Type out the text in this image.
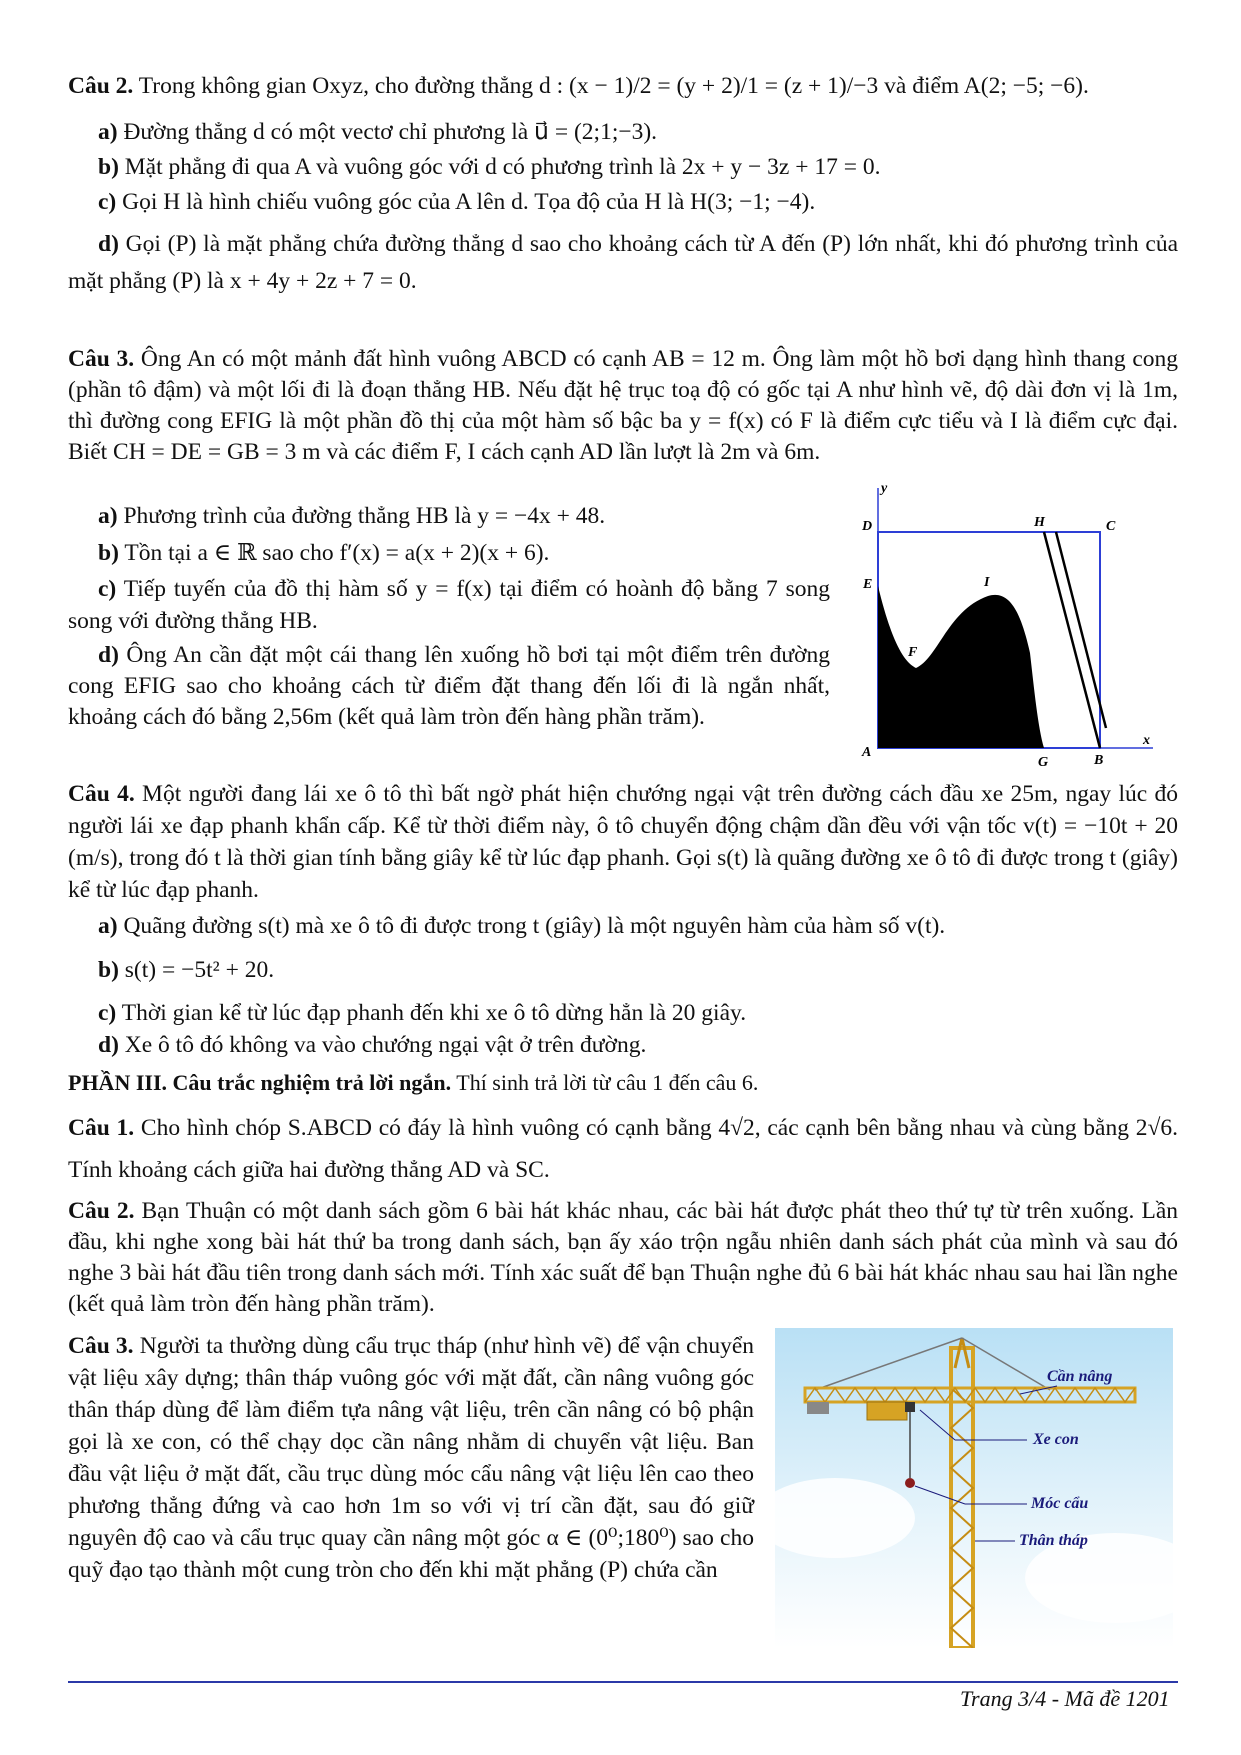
Câu 2. Trong không gian Oxyz, cho đường thẳng d : (x − 1)/2 = (y + 2)/1 = (z + 1)/−3 và điểm A(2; −5; −6).
a) Đường thẳng d có một vectơ chỉ phương là u⃗ = (2;1;−3).
b) Mặt phẳng đi qua A và vuông góc với d có phương trình là 2x + y − 3z + 17 = 0.
c) Gọi H là hình chiếu vuông góc của A lên d. Tọa độ của H là H(3; −1; −4).
d) Gọi (P) là mặt phẳng chứa đường thẳng d sao cho khoảng cách từ A đến (P) lớn nhất, khi đó phương trình của mặt phẳng (P) là x + 4y + 2z + 7 = 0.
Câu 3. Ông An có một mảnh đất hình vuông ABCD có cạnh AB = 12 m. Ông làm một hồ bơi dạng hình thang cong (phần tô đậm) và một lối đi là đoạn thẳng HB. Nếu đặt hệ trục toạ độ có gốc tại A như hình vẽ, độ dài đơn vị là 1m, thì đường cong EFIG là một phần đồ thị của một hàm số bậc ba y = f(x) có F là điểm cực tiểu và I là điểm cực đại. Biết CH = DE = GB = 3 m và các điểm F, I cách cạnh AD lần lượt là 2m và 6m.
a) Phương trình của đường thẳng HB là y = −4x + 48.
b) Tồn tại a ∈ ℝ sao cho f′(x) = a(x + 2)(x + 6).
c) Tiếp tuyến của đồ thị hàm số y = f(x) tại điểm có hoành độ bằng 7 song song với đường thẳng HB.
d) Ông An cần đặt một cái thang lên xuống hồ bơi tại một điểm trên đường cong EFIG sao cho khoảng cách từ điểm đặt thang đến lối đi là ngắn nhất, khoảng cách đó bằng 2,56m (kết quả làm tròn đến hàng phần trăm).
y
x
D	H	C
E	I
F
A
G	B
Câu 4. Một người đang lái xe ô tô thì bất ngờ phát hiện chướng ngại vật trên đường cách đầu xe 25m, ngay lúc đó người lái xe đạp phanh khẩn cấp. Kể từ thời điểm này, ô tô chuyển động chậm dần đều với vận tốc v(t) = −10t + 20 (m/s), trong đó t là thời gian tính bằng giây kể từ lúc đạp phanh. Gọi s(t) là quãng đường xe ô tô đi được trong t (giây) kể từ lúc đạp phanh.
a) Quãng đường s(t) mà xe ô tô đi được trong t (giây) là một nguyên hàm của hàm số v(t).
b) s(t) = −5t² + 20.
c) Thời gian kể từ lúc đạp phanh đến khi xe ô tô dừng hẳn là 20 giây.
d) Xe ô tô đó không va vào chướng ngại vật ở trên đường.
PHẦN III. Câu trắc nghiệm trả lời ngắn. Thí sinh trả lời từ câu 1 đến câu 6.
Câu 1. Cho hình chóp S.ABCD có đáy là hình vuông có cạnh bằng 4√2, các cạnh bên bằng nhau và cùng bằng 2√6. Tính khoảng cách giữa hai đường thẳng AD và SC.
Câu 2. Bạn Thuận có một danh sách gồm 6 bài hát khác nhau, các bài hát được phát theo thứ tự từ trên xuống. Lần đầu, khi nghe xong bài hát thứ ba trong danh sách, bạn ấy xáo trộn ngẫu nhiên danh sách phát của mình và sau đó nghe 3 bài hát đầu tiên trong danh sách mới. Tính xác suất để bạn Thuận nghe đủ 6 bài hát khác nhau sau hai lần nghe (kết quả làm tròn đến hàng phần trăm).
Câu 3. Người ta thường dùng cẩu trục tháp (như hình vẽ) để vận chuyển vật liệu xây dựng; thân tháp vuông góc với mặt đất, cần nâng vuông góc thân tháp dùng để làm điểm tựa nâng vật liệu, trên cần nâng có bộ phận gọi là xe con, có thể chạy dọc cần nâng nhằm di chuyển vật liệu. Ban đầu vật liệu ở mặt đất, cầu trục dùng móc cẩu nâng vật liệu lên cao theo phương thẳng đứng và cao hơn 1m so với vị trí cần đặt, sau đó giữ nguyên độ cao và cẩu trục quay cần nâng một góc α ∈ (0⁰;180⁰) sao cho quỹ đạo tạo thành một cung tròn cho đến khi mặt phẳng (P) chứa cần
Cần nâng
Xe con
Móc cẩu
Thân tháp
Trang 3/4 - Mã đề 1201
